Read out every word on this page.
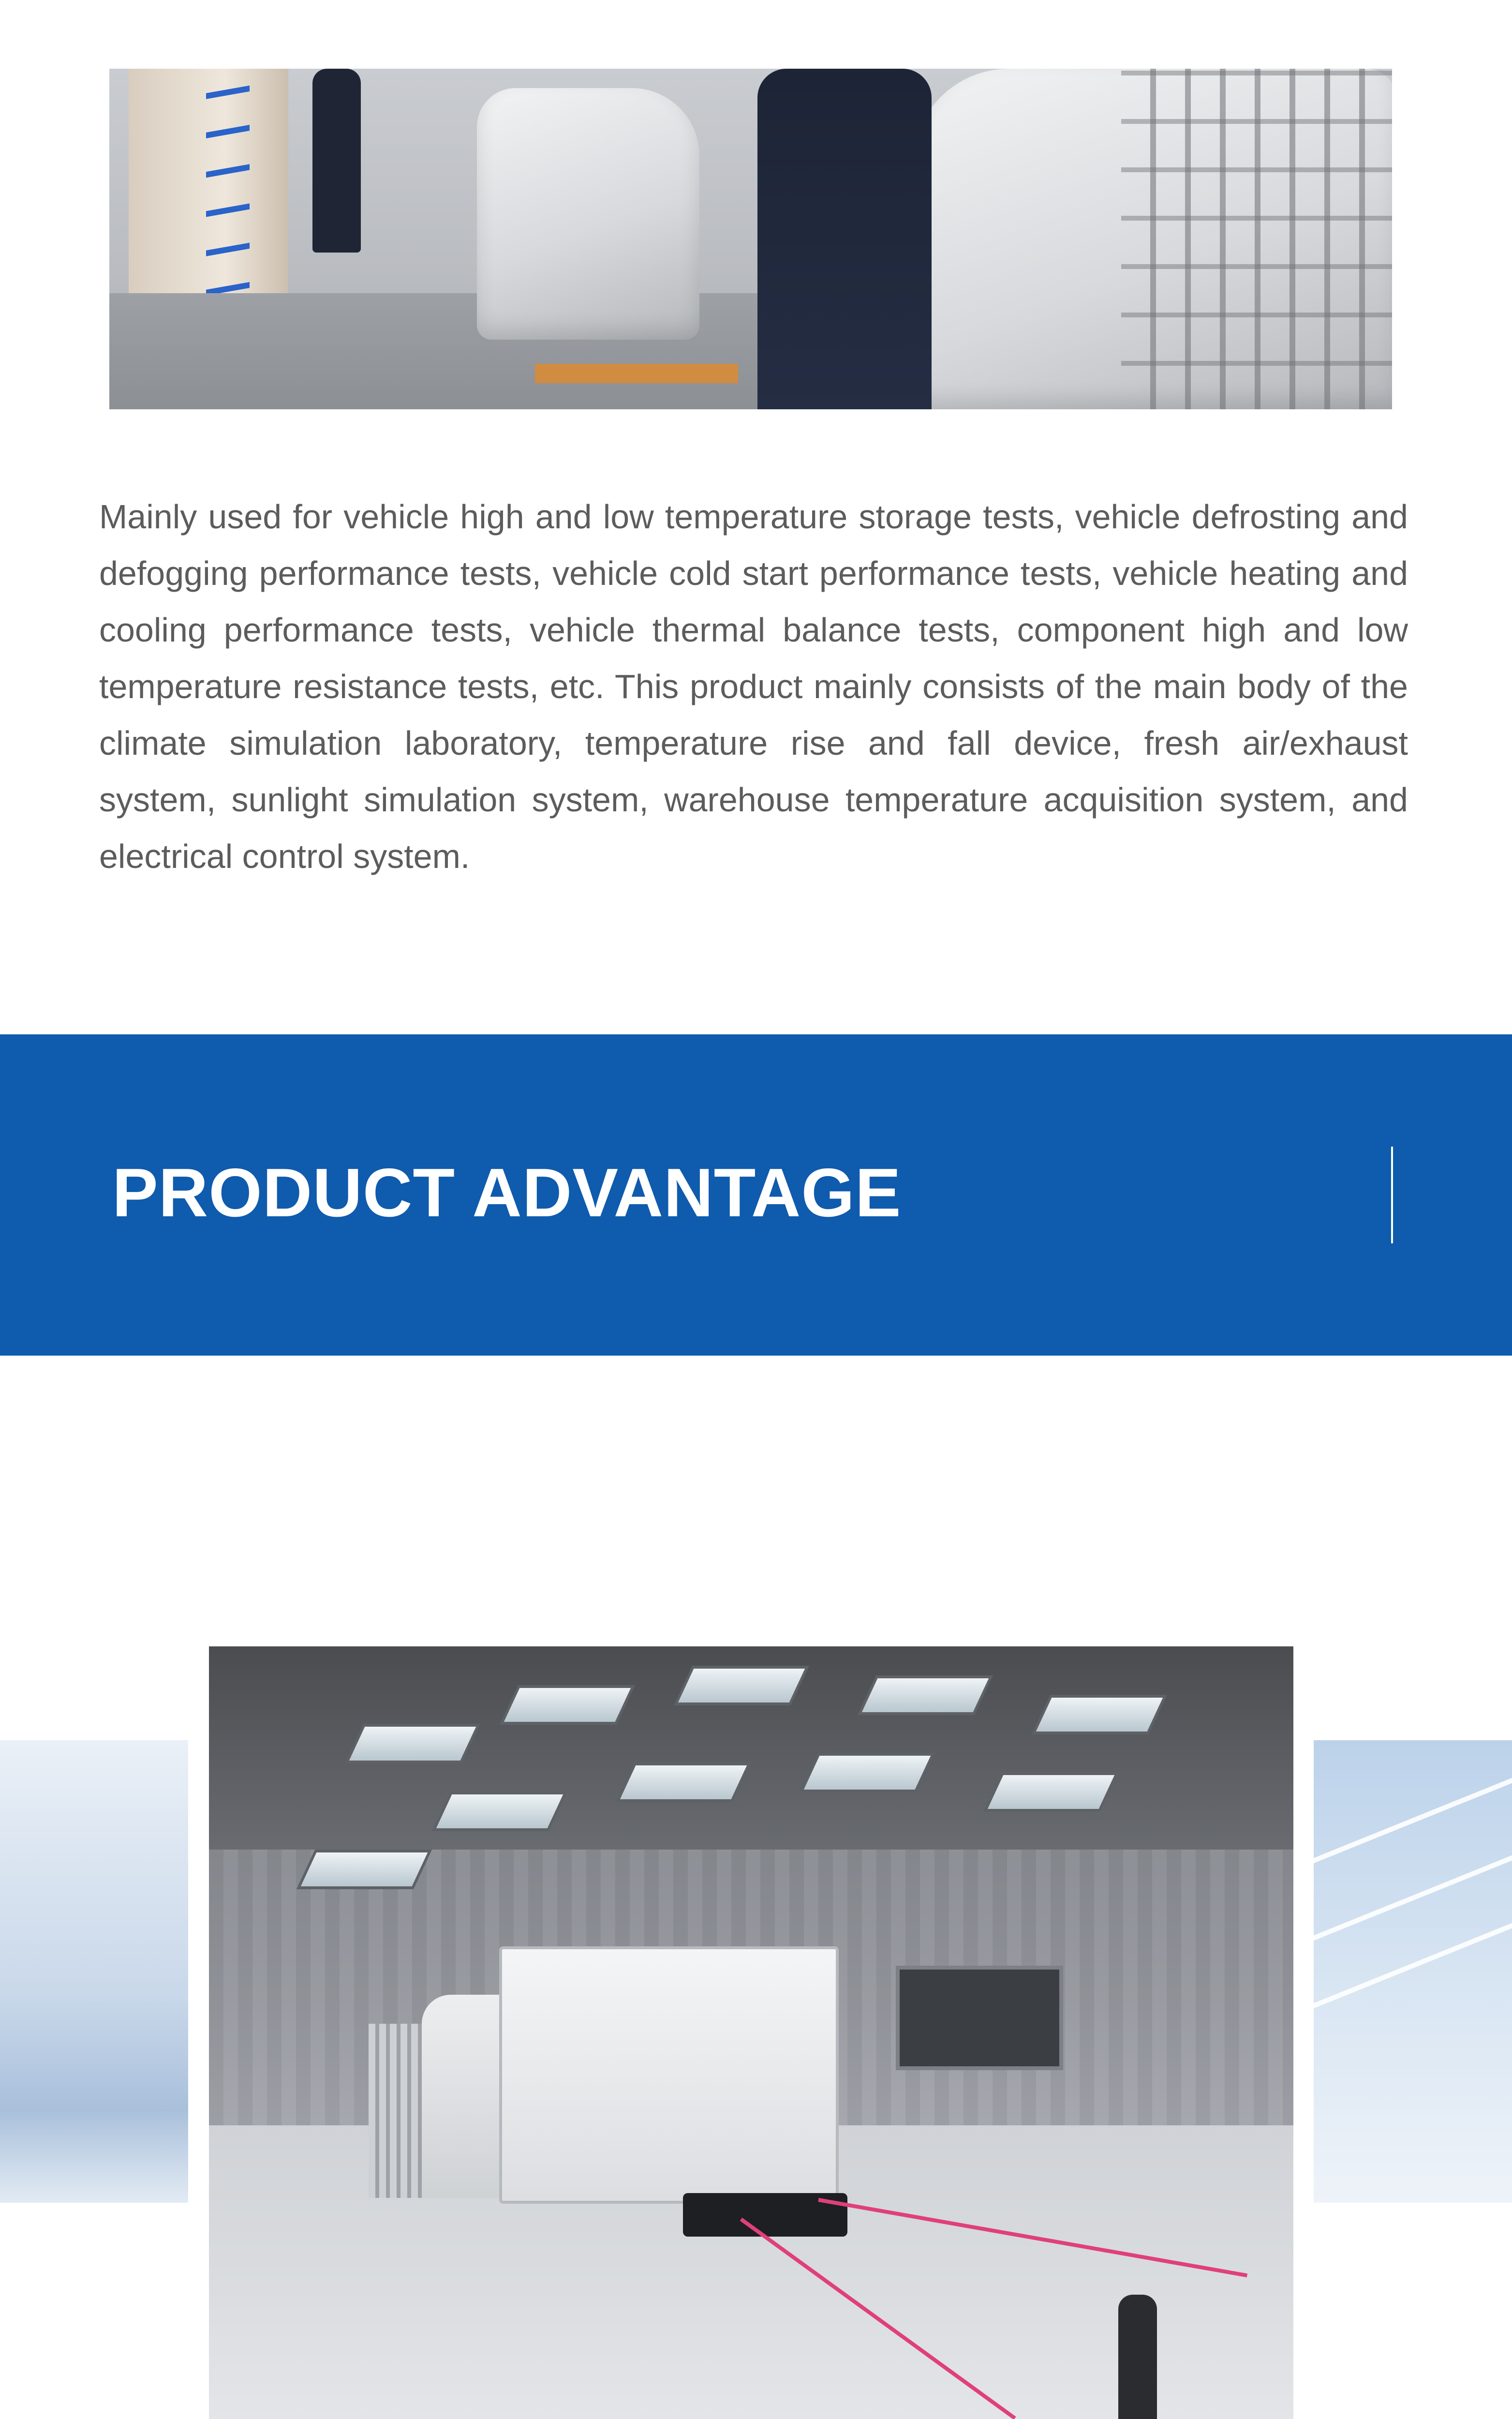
Mainly used for vehicle high and low temperature storage tests, vehicle defrosting and defogging performance tests, vehicle cold start performance tests, vehicle heating and cooling performance tests, vehicle thermal balance tests, component high and low temperature resistance tests, etc. This product mainly consists of the main body of the climate simulation laboratory, temperature rise and fall device, fresh air/exhaust system, sunlight simulation system, warehouse temperature acquisition system, and electrical control system.

PRODUCT ADVANTAGE
